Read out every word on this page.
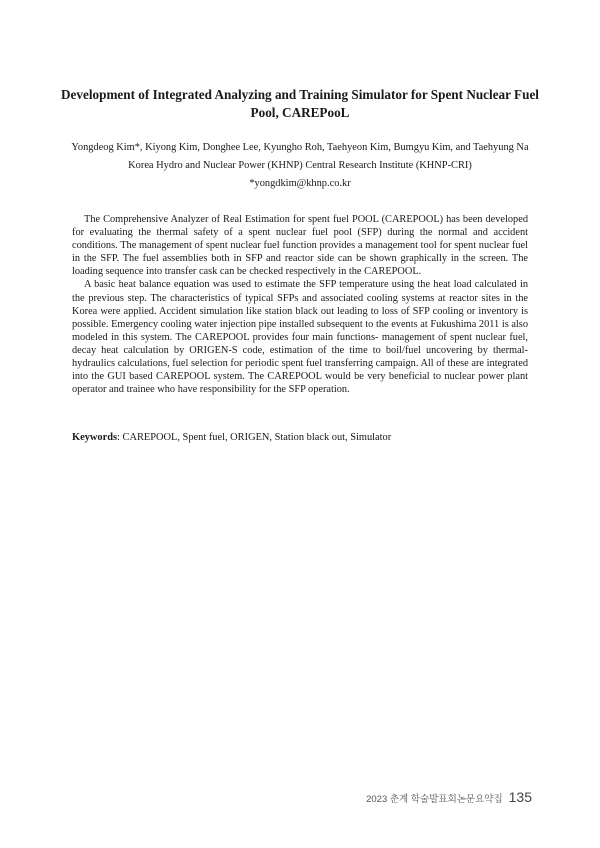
Development of Integrated Analyzing and Training Simulator for Spent Nuclear Fuel Pool, CAREPooL
Yongdeog Kim*, Kiyong Kim, Donghee Lee, Kyungho Roh, Taehyeon Kim, Bumgyu Kim, and Taehyung Na
Korea Hydro and Nuclear Power (KHNP) Central Research Institute (KHNP-CRI)
*yongdkim@khnp.co.kr

The Comprehensive Analyzer of Real Estimation for spent fuel POOL (CAREPOOL) has been developed for evaluating the thermal safety of a spent nuclear fuel pool (SFP) during the normal and accident conditions. The management of spent nuclear fuel function provides a management tool for spent nuclear fuel in the SFP. The fuel assemblies both in SFP and reactor side can be shown graphically in the screen. The loading sequence into transfer cask can be checked respectively in the CAREPOOL.

A basic heat balance equation was used to estimate the SFP temperature using the heat load calculated in the previous step. The characteristics of typical SFPs and associated cooling systems at reactor sites in the Korea were applied. Accident simulation like station black out leading to loss of SFP cooling or inventory is possible. Emergency cooling water injection pipe installed subsequent to the events at Fukushima 2011 is also modeled in this system. The CAREPOOL provides four main functions- management of spent nuclear fuel, decay heat calculation by ORIGEN-S code, estimation of the time to boil/fuel uncovering by thermal-hydraulics calculations, fuel selection for periodic spent fuel transferring campaign. All of these are integrated into the GUI based CAREPOOL system. The CAREPOOL would be very beneficial to nuclear power plant operator and trainee who have responsibility for the SFP operation.

Keywords: CAREPOOL, Spent fuel, ORIGEN, Station black out, Simulator
2023 춘계 학술발표회논문요약집 135
